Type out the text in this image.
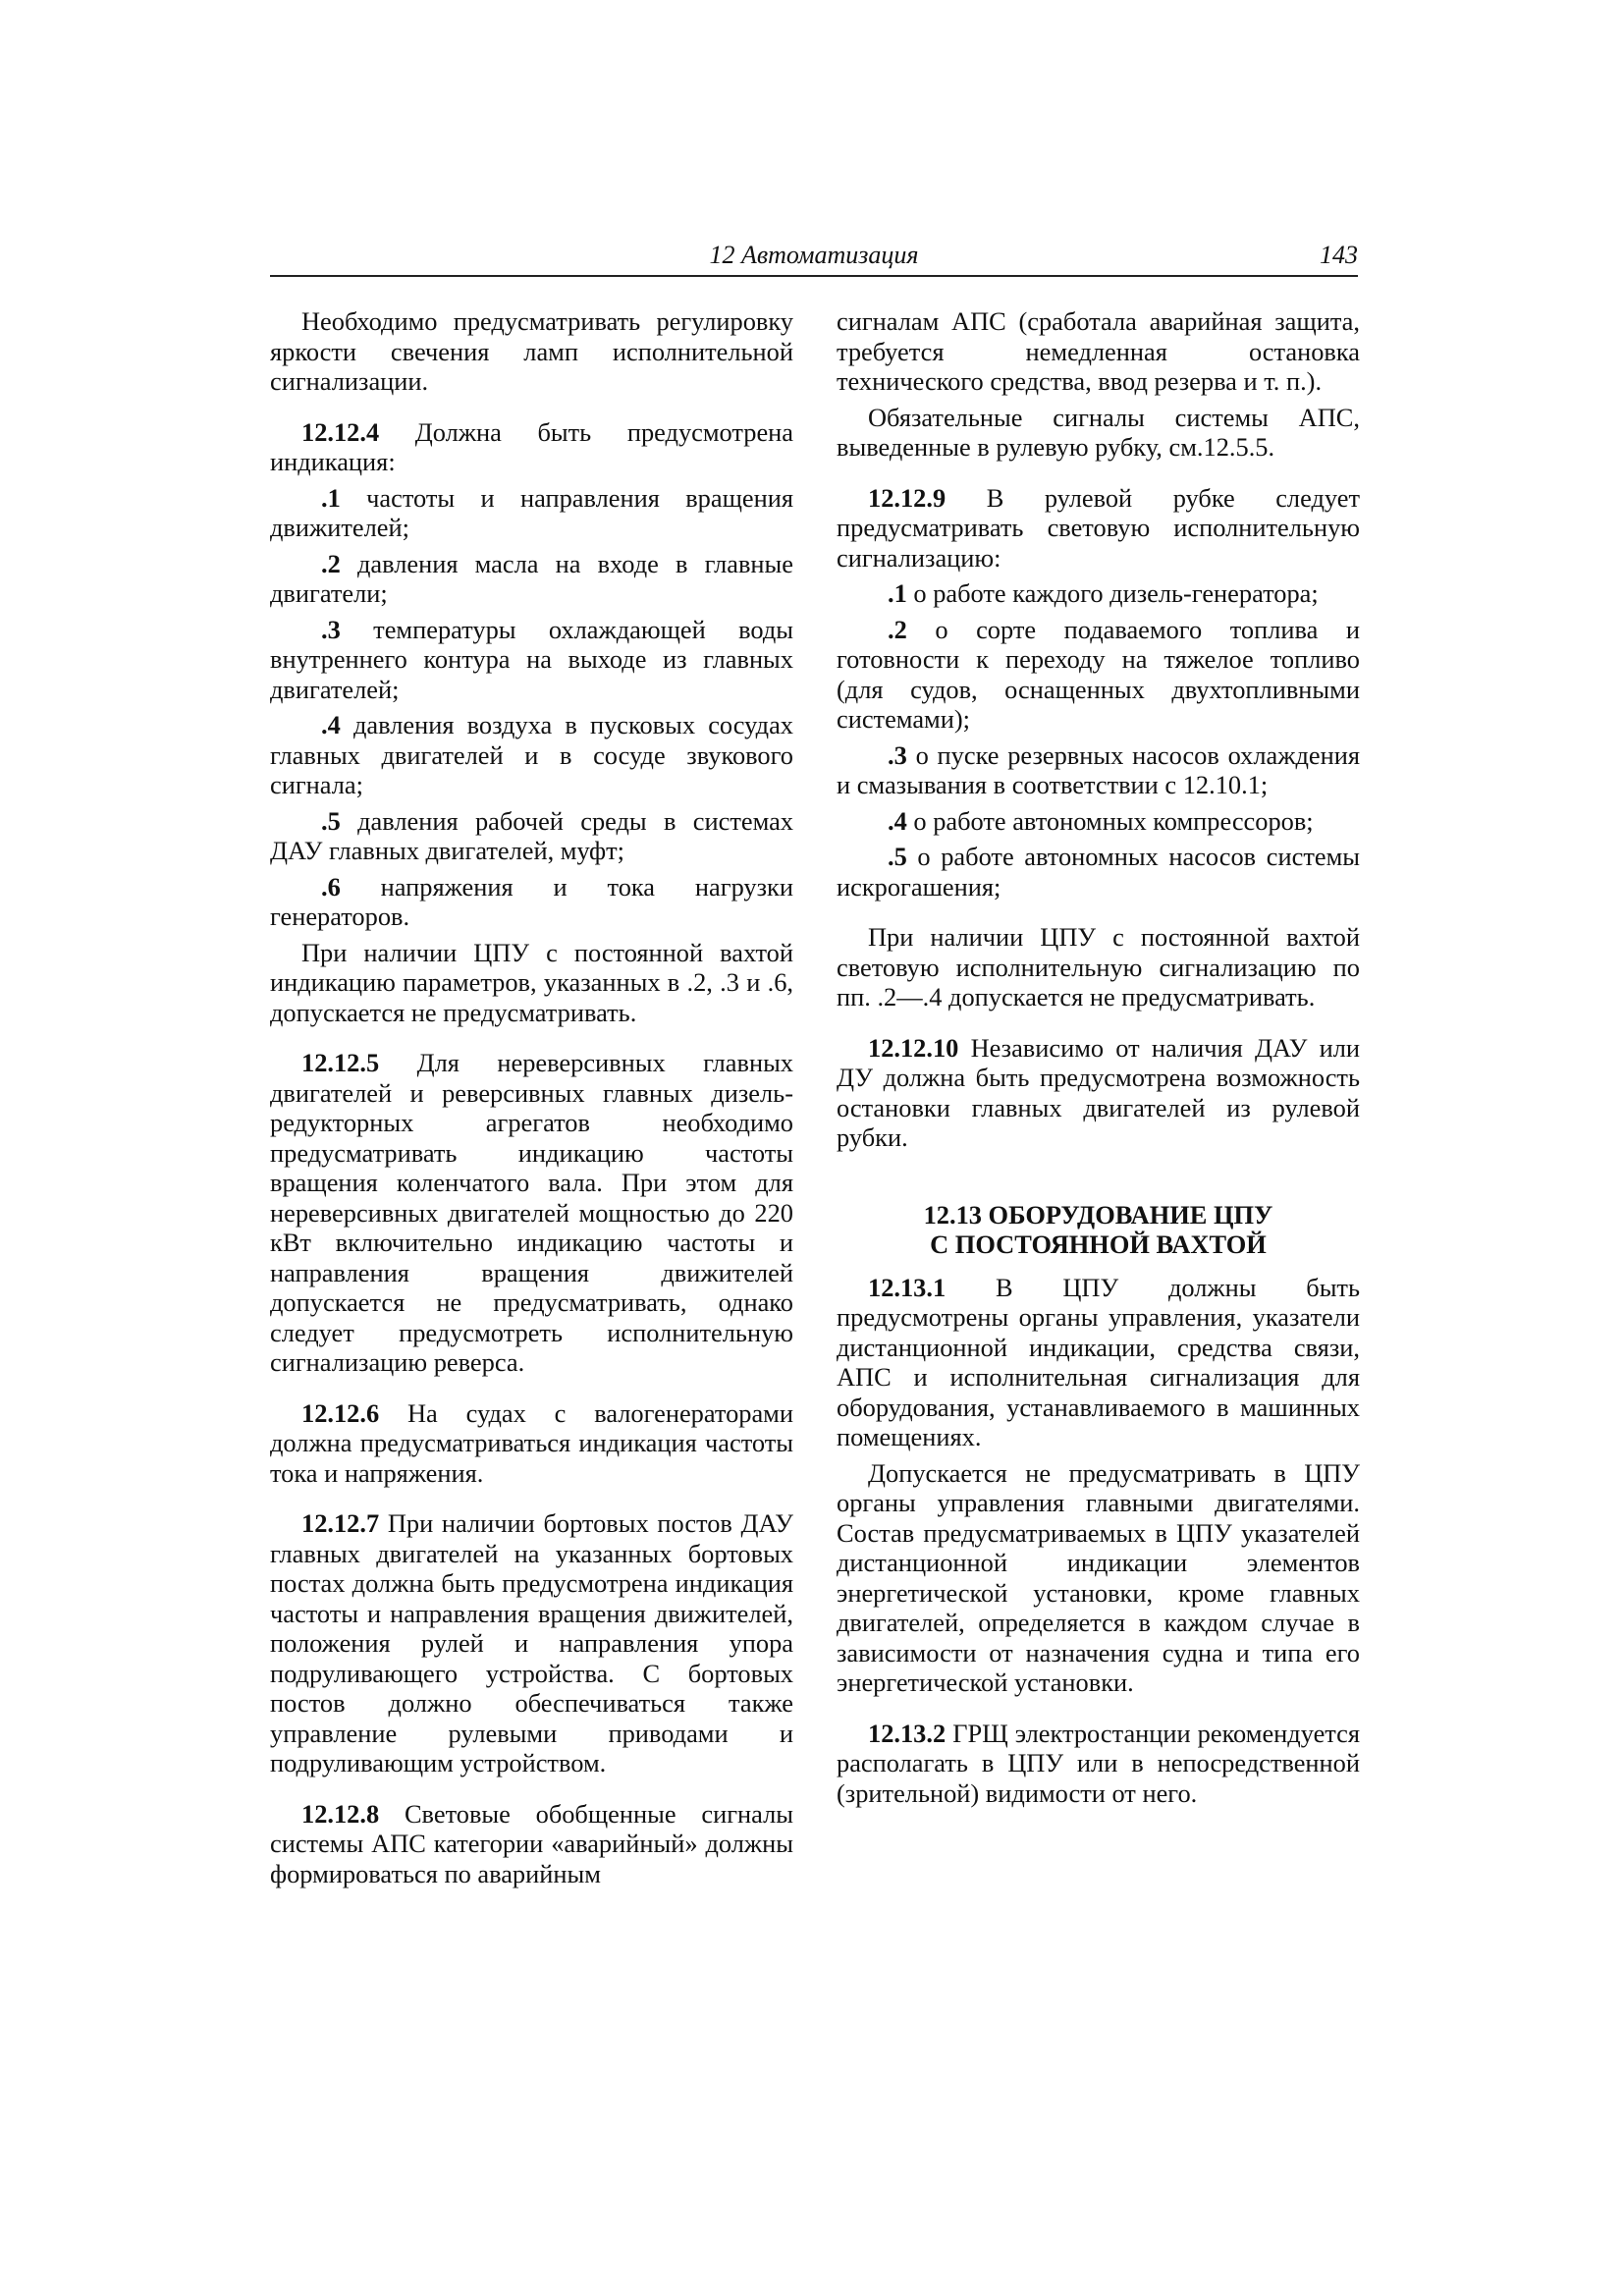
12 Автоматизация	143

Необходимо предусматривать регулировку яркости свечения ламп исполнительной сигнализации.

12.12.4 Должна быть предусмотрена индикация:

.1 частоты и направления вращения движителей;

.2 давления масла на входе в главные двигатели;

.3 температуры охлаждающей воды внутреннего контура на выходе из главных двигателей;

.4 давления воздуха в пусковых сосудах главных двигателей и в сосуде звукового сигнала;

.5 давления рабочей среды в системах ДАУ главных двигателей, муфт;

.6 напряжения и тока нагрузки генераторов.

При наличии ЦПУ с постоянной вахтой индикацию параметров, указанных в .2, .3 и .6, допускается не предусматривать.

12.12.5 Для нереверсивных главных двигателей и реверсивных главных дизель-редукторных агрегатов необходимо предусматривать индикацию частоты вращения коленчатого вала. При этом для нереверсивных двигателей мощностью до 220 кВт включительно индикацию частоты и направления вращения движителей допускается не предусматривать, однако следует предусмотреть исполнительную сигнализацию реверса.

12.12.6 На судах с валогенераторами должна предусматриваться индикация частоты тока и напряжения.

12.12.7 При наличии бортовых постов ДАУ главных двигателей на указанных бортовых постах должна быть предусмотрена индикация частоты и направления вращения движителей, положения рулей и направления упора подруливающего устройства. С бортовых постов должно обеспечиваться также управление рулевыми приводами и подруливающим устройством.

12.12.8 Световые обобщенные сигналы системы АПС категории «аварийный» должны формироваться по аварийным

сигналам АПС (сработала аварийная защита, требуется немедленная остановка технического средства, ввод резерва и т. п.).

Обязательные сигналы системы АПС, выведенные в рулевую рубку, см.12.5.5.

12.12.9 В рулевой рубке следует предусматривать световую исполнительную сигнализацию:

.1 о работе каждого дизель-генератора;

.2 о сорте подаваемого топлива и готовности к переходу на тяжелое топливо (для судов, оснащенных двухтопливными системами);

.3 о пуске резервных насосов охлаждения и смазывания в соответствии с 12.10.1;

.4 о работе автономных компрессоров;

.5 о работе автономных насосов системы искрогашения;

При наличии ЦПУ с постоянной вахтой световую исполнительную сигнализацию по пп. .2—.4 допускается не предусматривать.

12.12.10 Независимо от наличия ДАУ или ДУ должна быть предусмотрена возможность остановки главных двигателей из рулевой рубки.

12.13 ОБОРУДОВАНИЕ ЦПУ
С ПОСТОЯННОЙ ВАХТОЙ

12.13.1 В ЦПУ должны быть предусмотрены органы управления, указатели дистанционной индикации, средства связи, АПС и исполнительная сигнализация для оборудования, устанавливаемого в машинных помещениях.

Допускается не предусматривать в ЦПУ органы управления главными двигателями. Состав предусматриваемых в ЦПУ указателей дистанционной индикации элементов энергетической установки, кроме главных двигателей, определяется в каждом случае в зависимости от назначения судна и типа его энергетической установки.

12.13.2 ГРЩ электростанции рекомендуется располагать в ЦПУ или в непосредственной (зрительной) видимости от него.
